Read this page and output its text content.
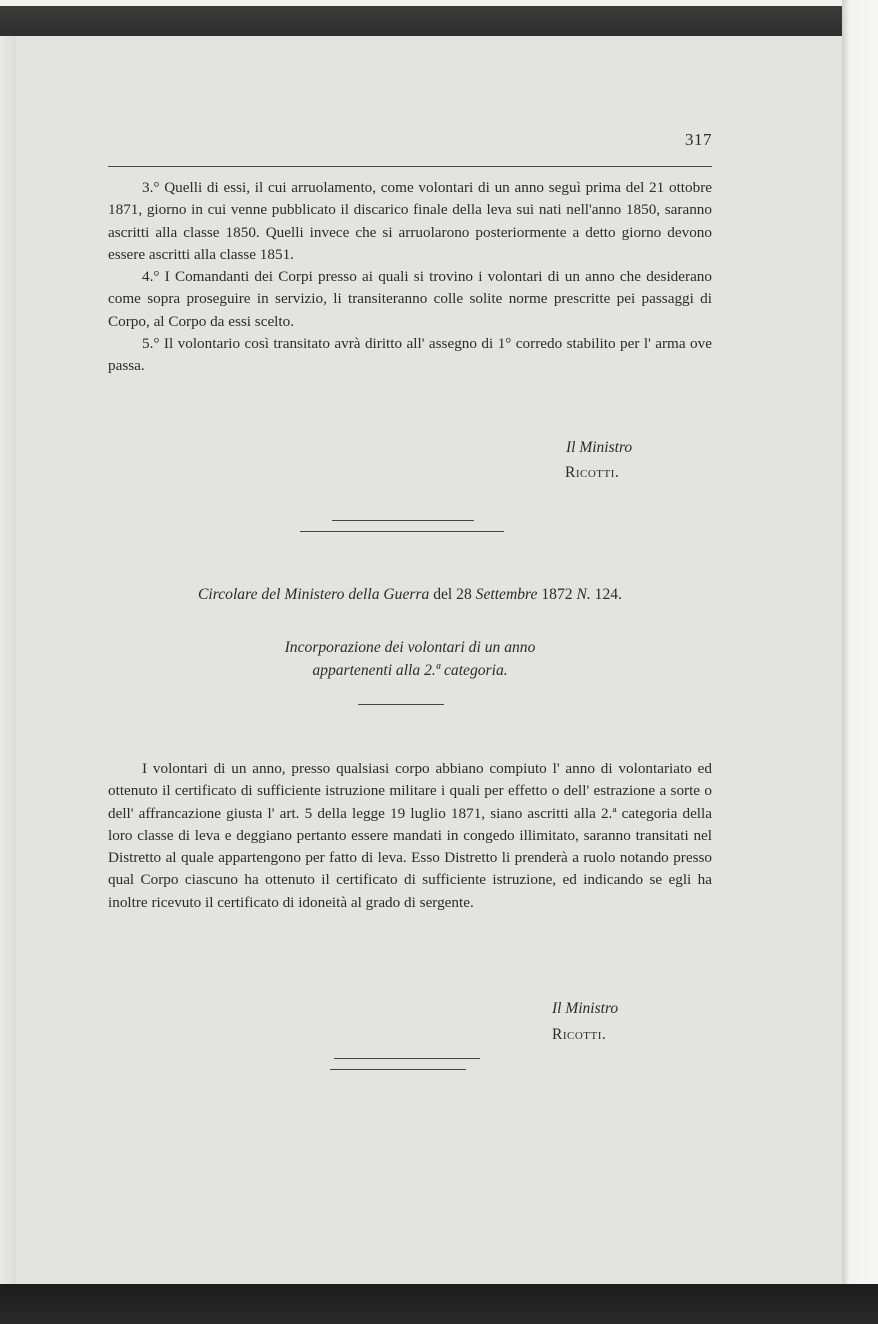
317

3.° Quelli di essi, il cui arruolamento, come volontari di un anno seguì prima del 21 ottobre 1871, giorno in cui venne pubblicato il discarico finale della leva sui nati nell'anno 1850, saranno ascritti alla classe 1850. Quelli invece che si arruolarono posteriormente a detto giorno devono essere ascritti alla classe 1851.

4.° I Comandanti dei Corpi presso ai quali si trovino i volontari di un anno che desiderano come sopra proseguire in servizio, li transiteranno colle solite norme prescritte pei passaggi di Corpo, al Corpo da essi scelto.

5.° Il volontario così transitato avrà diritto all' assegno di 1° corredo stabilito per l' arma ove passa.

Il Ministro
Ricotti.
Circolare del Ministero della Guerra del 28 Settembre 1872 N. 124.
Incorporazione dei volontari di un anno
appartenenti alla 2.ª categoria.

I volontari di un anno, presso qualsiasi corpo abbiano compiuto l' anno di volontariato ed ottenuto il certificato di sufficiente istruzione militare i quali per effetto o dell' estrazione a sorte o dell' affrancazione giusta l' art. 5 della legge 19 luglio 1871, siano ascritti alla 2.ª categoria della loro classe di leva e deggiano pertanto essere mandati in congedo illimitato, saranno transitati nel Distretto al quale appartengono per fatto di leva. Esso Distretto li prenderà a ruolo notando presso qual Corpo ciascuno ha ottenuto il certificato di sufficiente istruzione, ed indicando se egli ha inoltre ricevuto il certificato di idoneità al grado di sergente.

Il Ministro
Ricotti.
